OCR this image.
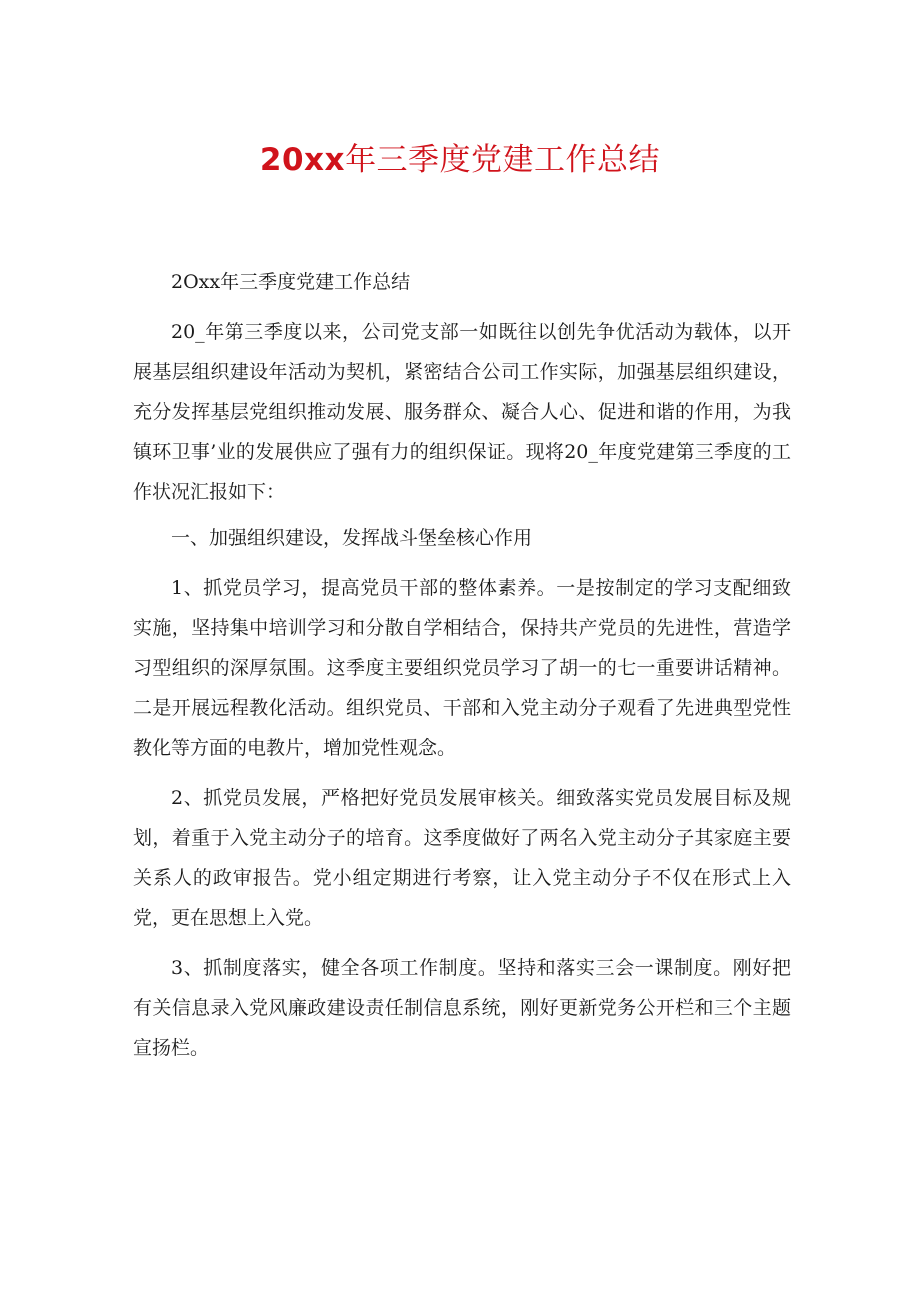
20xx年三季度党建工作总结

2Oxx年三季度党建工作总结

20_年第三季度以来，公司党支部一如既往以创先争优活动为载体，以开展基层组织建设年活动为契机，紧密结合公司工作实际，加强基层组织建设，充分发挥基层党组织推动发展、服务群众、凝合人心、促进和谐的作用，为我镇环卫事’业的发展供应了强有力的组织保证。现将20_年度党建第三季度的工作状况汇报如下：

一、加强组织建设，发挥战斗堡垒核心作用

1、抓党员学习，提高党员干部的整体素养。一是按制定的学习支配细致实施，坚持集中培训学习和分散自学相结合，保持共产党员的先进性，营造学习型组织的深厚氛围。这季度主要组织党员学习了胡一的七一重要讲话精神。二是开展远程教化活动。组织党员、干部和入党主动分子观看了先进典型党性教化等方面的电教片，增加党性观念。

2、抓党员发展，严格把好党员发展审核关。细致落实党员发展目标及规划，着重于入党主动分子的培育。这季度做好了两名入党主动分子其家庭主要关系人的政审报告。党小组定期进行考察，让入党主动分子不仅在形式上入党，更在思想上入党。

3、抓制度落实，健全各项工作制度。坚持和落实三会一课制度。刚好把有关信息录入党风廉政建设责任制信息系统，刚好更新党务公开栏和三个主题宣扬栏。
